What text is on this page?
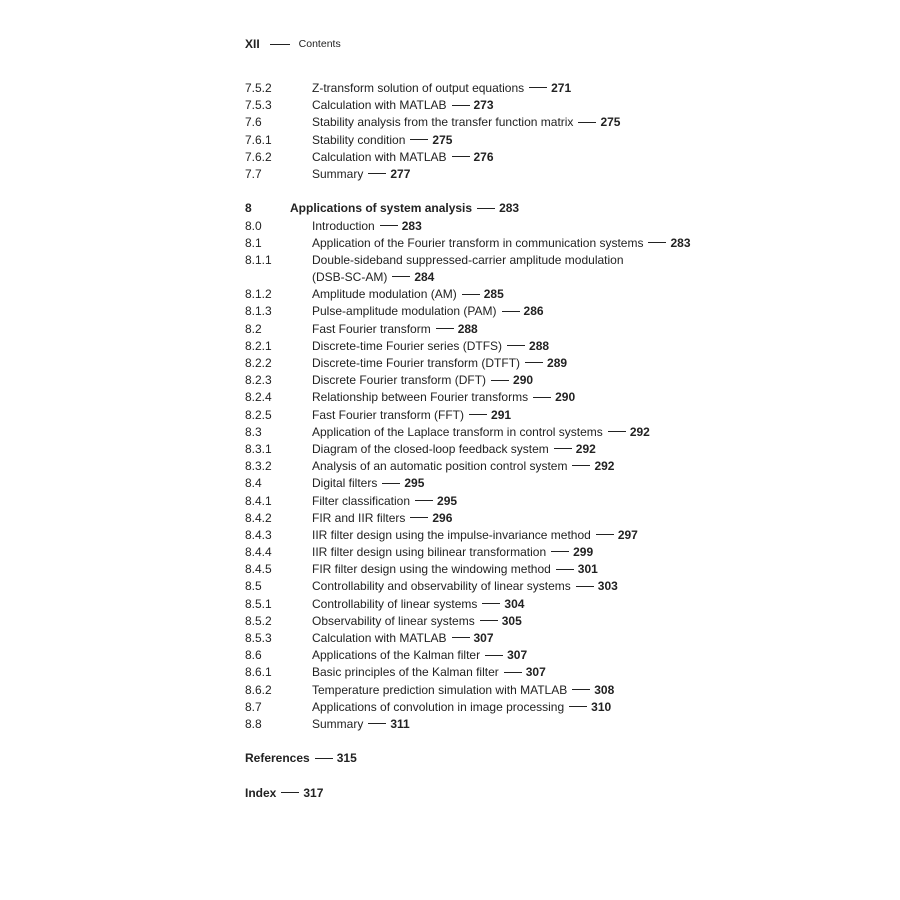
XII	Contents
7.5.2	Z-transform solution of output equations 271
7.5.3	Calculation with MATLAB 273
7.6	Stability analysis from the transfer function matrix 275
7.6.1	Stability condition 275
7.6.2	Calculation with MATLAB 276
7.7	Summary 277
8	Applications of system analysis 283
8.0	Introduction 283
8.1	Application of the Fourier transform in communication systems 283
8.1.1	Double-sideband suppressed-carrier amplitude modulation
(DSB-SC-AM) 284
8.1.2	Amplitude modulation (AM) 285
8.1.3	Pulse-amplitude modulation (PAM) 286
8.2	Fast Fourier transform 288
8.2.1	Discrete-time Fourier series (DTFS) 288
8.2.2	Discrete-time Fourier transform (DTFT) 289
8.2.3	Discrete Fourier transform (DFT) 290
8.2.4	Relationship between Fourier transforms 290
8.2.5	Fast Fourier transform (FFT) 291
8.3	Application of the Laplace transform in control systems 292
8.3.1	Diagram of the closed-loop feedback system 292
8.3.2	Analysis of an automatic position control system 292
8.4	Digital filters 295
8.4.1	Filter classification 295
8.4.2	FIR and IIR filters 296
8.4.3	IIR filter design using the impulse-invariance method 297
8.4.4	IIR filter design using bilinear transformation 299
8.4.5	FIR filter design using the windowing method 301
8.5	Controllability and observability of linear systems 303
8.5.1	Controllability of linear systems 304
8.5.2	Observability of linear systems 305
8.5.3	Calculation with MATLAB 307
8.6	Applications of the Kalman filter 307
8.6.1	Basic principles of the Kalman filter 307
8.6.2	Temperature prediction simulation with MATLAB 308
8.7	Applications of convolution in image processing 310
8.8	Summary 311
References 315
Index 317
